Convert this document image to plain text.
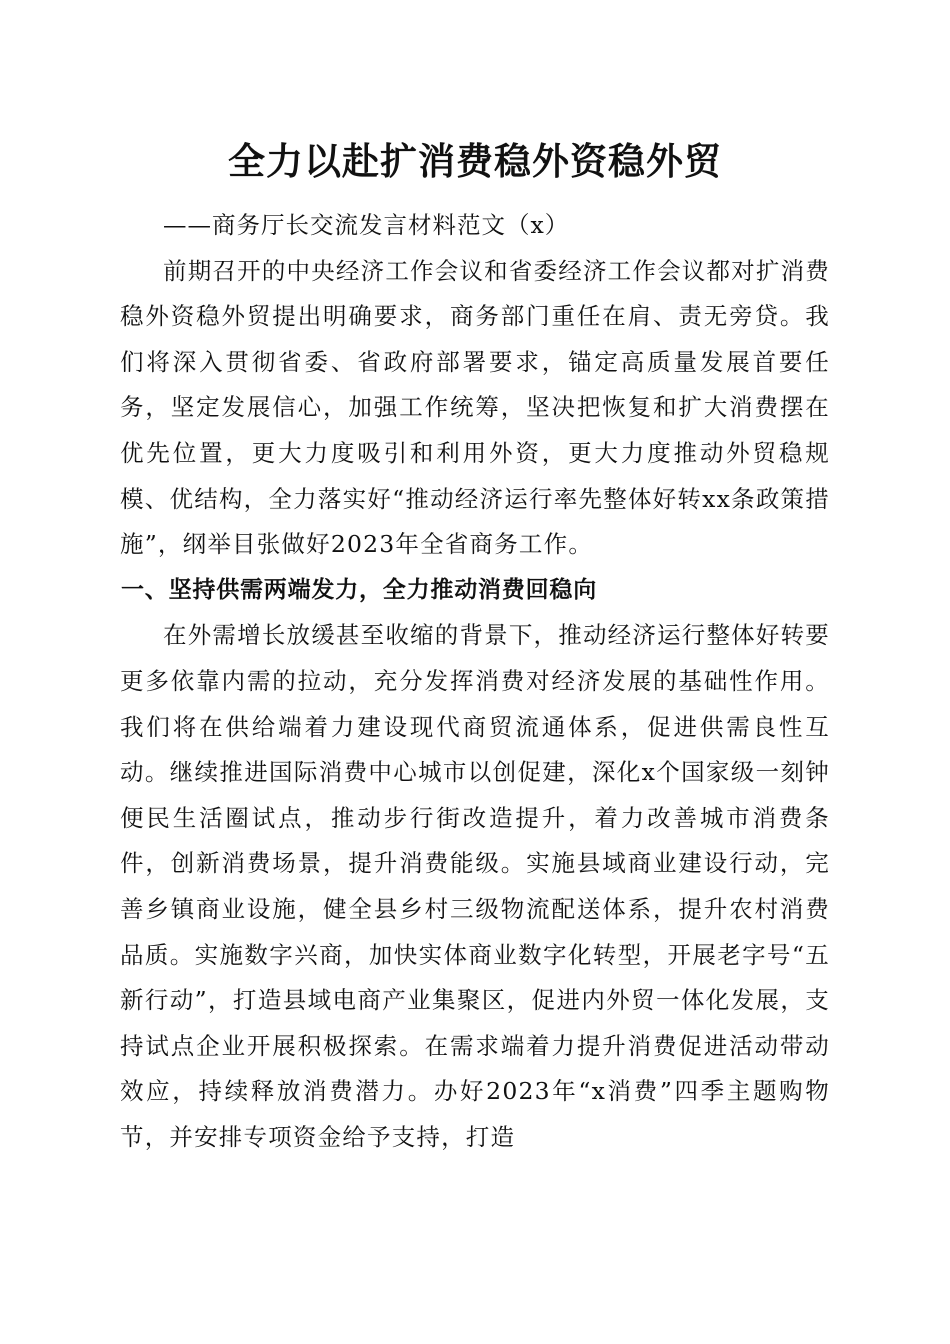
全力以赴扩消费稳外资稳外贸

——商务厅长交流发言材料范文（x）

前期召开的中央经济工作会议和省委经济工作会议都对扩消费稳外资稳外贸提出明确要求，商务部门重任在肩、责无旁贷。我们将深入贯彻省委、省政府部署要求，锚定高质量发展首要任务，坚定发展信心，加强工作统筹，坚决把恢复和扩大消费摆在优先位置，更大力度吸引和利用外资，更大力度推动外贸稳规模、优结构，全力落实好“推动经济运行率先整体好转xx条政策措施”，纲举目张做好2023年全省商务工作。

一、坚持供需两端发力，全力推动消费回稳向

在外需增长放缓甚至收缩的背景下，推动经济运行整体好转要更多依靠内需的拉动，充分发挥消费对经济发展的基础性作用。我们将在供给端着力建设现代商贸流通体系，促进供需良性互动。继续推进国际消费中心城市以创促建，深化x个国家级一刻钟便民生活圈试点，推动步行街改造提升，着力改善城市消费条件，创新消费场景，提升消费能级。实施县域商业建设行动，完善乡镇商业设施，健全县乡村三级物流配送体系，提升农村消费品质。实施数字兴商，加快实体商业数字化转型，开展老字号“五新行动”，打造县域电商产业集聚区，促进内外贸一体化发展，支持试点企业开展积极探索。在需求端着力提升消费促进活动带动效应，持续释放消费潜力。办好2023年“x消费”四季主题购物节，并安排专项资金给予支持，打造
